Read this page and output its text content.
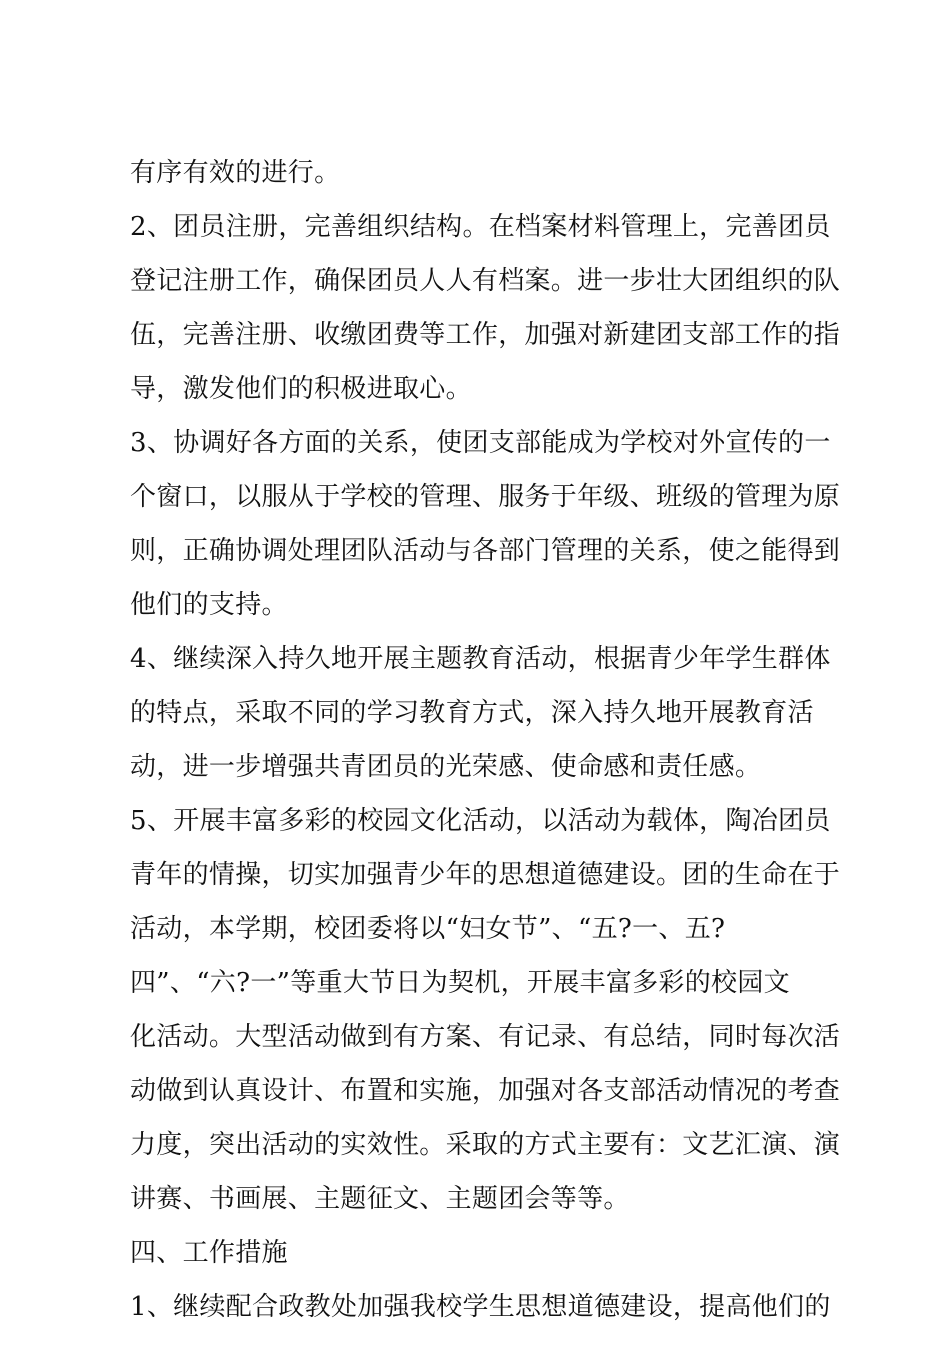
有序有效的进行。
2、团员注册，完善组织结构。在档案材料管理上，完善团员
登记注册工作，确保团员人人有档案。进一步壮大团组织的队
伍，完善注册、收缴团费等工作，加强对新建团支部工作的指
导，激发他们的积极进取心。
3、协调好各方面的关系，使团支部能成为学校对外宣传的一
个窗口，以服从于学校的管理、服务于年级、班级的管理为原
则，正确协调处理团队活动与各部门管理的关系，使之能得到
他们的支持。
4、继续深入持久地开展主题教育活动，根据青少年学生群体
的特点，采取不同的学习教育方式，深入持久地开展教育活
动，进一步增强共青团员的光荣感、使命感和责任感。
5、开展丰富多彩的校园文化活动，以活动为载体，陶冶团员
青年的情操，切实加强青少年的思想道德建设。团的生命在于
活动，本学期，校团委将以“妇女节”、“五?一、五?
四”、“六?一”等重大节日为契机，开展丰富多彩的校园文
化活动。大型活动做到有方案、有记录、有总结，同时每次活
动做到认真设计、布置和实施，加强对各支部活动情况的考查
力度，突出活动的实效性。采取的方式主要有：文艺汇演、演
讲赛、书画展、主题征文、主题团会等等。
四、工作措施
1、继续配合政教处加强我校学生思想道德建设，提高他们的
